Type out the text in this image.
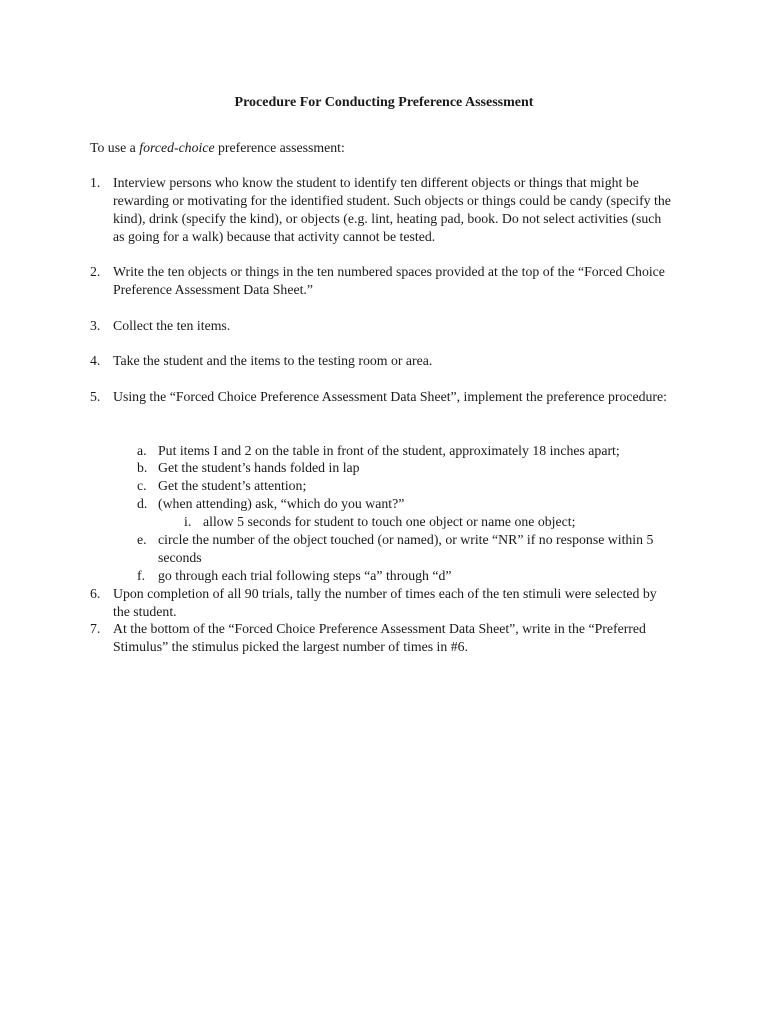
Procedure For Conducting Preference Assessment
To use a forced-choice preference assessment:
1. Interview persons who know the student to identify ten different objects or things that might be rewarding or motivating for the identified student. Such objects or things could be candy (specify the kind), drink (specify the kind), or objects (e.g. lint, heating pad, book. Do not select activities (such as going for a walk) because that activity cannot be tested.
2. Write the ten objects or things in the ten numbered spaces provided at the top of the “Forced Choice Preference Assessment Data Sheet.”
3. Collect the ten items.
4. Take the student and the items to the testing room or area.
5. Using the “Forced Choice Preference Assessment Data Sheet”, implement the preference procedure:
a. Put items I and 2 on the table in front of the student, approximately 18 inches apart;
b. Get the student’s hands folded in lap
c. Get the student’s attention;
d. (when attending) ask, “which do you want?”
i. allow 5 seconds for student to touch one object or name one object;
e. circle the number of the object touched (or named), or write “NR” if no response within 5 seconds
f. go through each trial following steps “a” through “d”
6. Upon completion of all 90 trials, tally the number of times each of the ten stimuli were selected by the student.
7. At the bottom of the “Forced Choice Preference Assessment Data Sheet”, write in the “Preferred Stimulus” the stimulus picked the largest number of times in #6.
